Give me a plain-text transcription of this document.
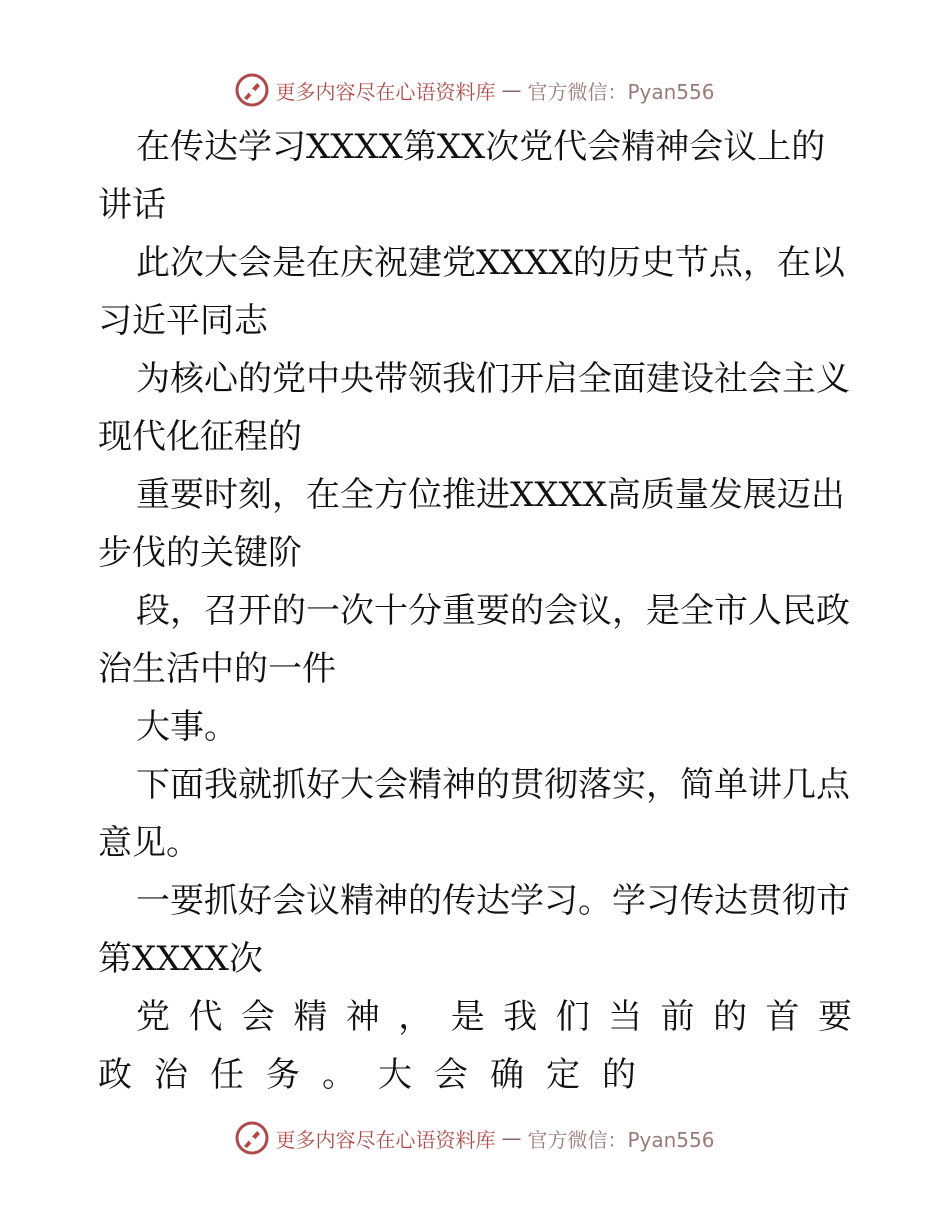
更多内容尽在心语资料库 — 官方微信：Pyan556

在传达学习XXXX第XX次党代会精神会议上的讲话

此次大会是在庆祝建党XXXX的历史节点，在以习近平同志

为核心的党中央带领我们开启全面建设社会主义现代化征程的

重要时刻，在全方位推进XXXX高质量发展迈出步伐的关键阶

段，召开的一次十分重要的会议，是全市人民政治生活中的一件

大事。

下面我就抓好大会精神的贯彻落实，简单讲几点意见。

一要抓好会议精神的传达学习。学习传达贯彻市第XXXX次

党代会精神，是我们当前的首要

政治任务。大会确定的

更多内容尽在心语资料库 — 官方微信：Pyan556
